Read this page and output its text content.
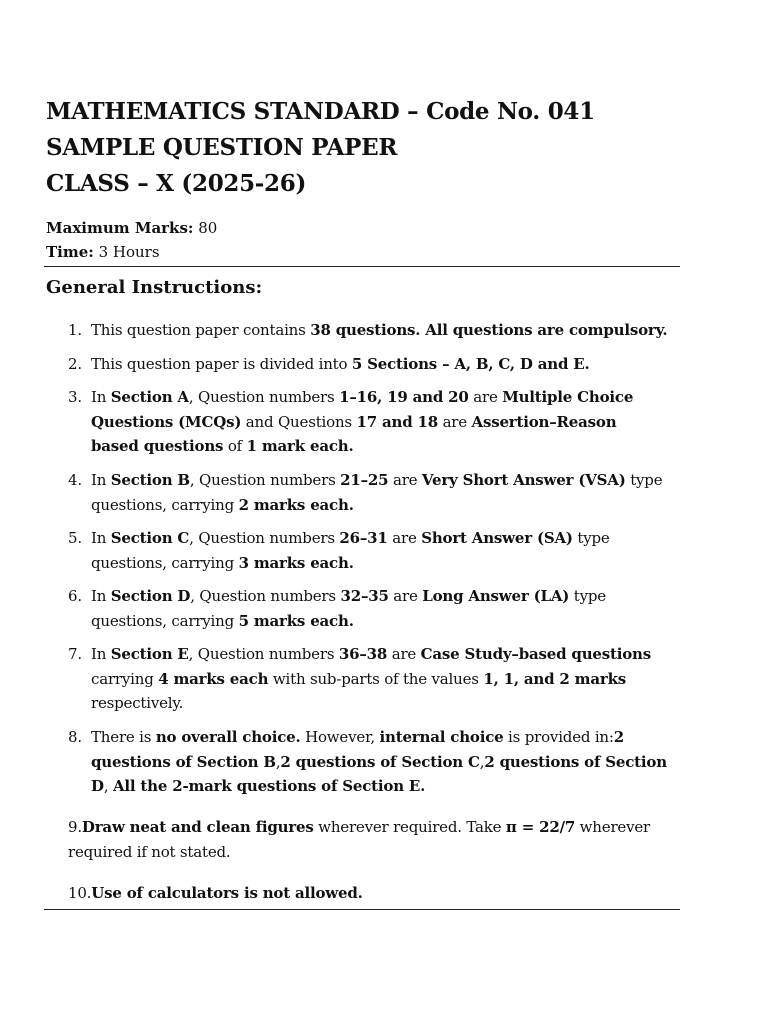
MATHEMATICS STANDARD – Code No. 041
SAMPLE QUESTION PAPER
CLASS – X (2025-26)
Maximum Marks: 80
Time: 3 Hours
General Instructions:
1. This question paper contains 38 questions. All questions are compulsory.
2. This question paper is divided into 5 Sections – A, B, C, D and E.
3. In Section A, Question numbers 1–16, 19 and 20 are Multiple Choice Questions (MCQs) and Questions 17 and 18 are Assertion–Reason based questions of 1 mark each.
4. In Section B, Question numbers 21–25 are Very Short Answer (VSA) type questions, carrying 2 marks each.
5. In Section C, Question numbers 26–31 are Short Answer (SA) type questions, carrying 3 marks each.
6. In Section D, Question numbers 32–35 are Long Answer (LA) type questions, carrying 5 marks each.
7. In Section E, Question numbers 36–38 are Case Study–based questions carrying 4 marks each with sub-parts of the values 1, 1, and 2 marks respectively.
8. There is no overall choice. However, internal choice is provided in:2 questions of Section B,2 questions of Section C,2 questions of Section D, All the 2-mark questions of Section E.
9.Draw neat and clean figures wherever required. Take π = 22/7 wherever required if not stated.
10.Use of calculators is not allowed.
